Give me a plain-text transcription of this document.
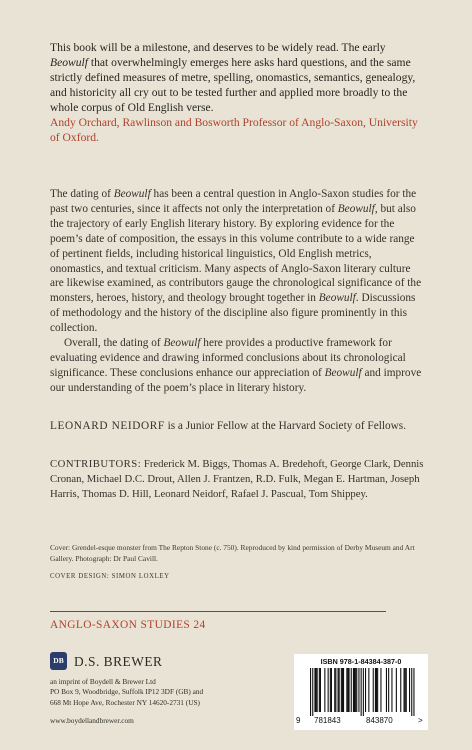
This book will be a milestone, and deserves to be widely read. The early Beowulf that overwhelmingly emerges here asks hard questions, and the same strictly defined measures of metre, spelling, onomastics, semantics, genealogy, and historicity all cry out to be tested further and applied more broadly to the whole corpus of Old English verse.

Andy Orchard, Rawlinson and Bosworth Professor of Anglo-Saxon, University of Oxford.

The dating of Beowulf has been a central question in Anglo-Saxon studies for the past two centuries, since it affects not only the interpretation of Beowulf, but also the trajectory of early English literary history. By exploring evidence for the poem’s date of composition, the essays in this volume contribute to a wide range of pertinent fields, including historical linguistics, Old English metrics, onomastics, and textual criticism. Many aspects of Anglo-Saxon literary culture are likewise examined, as contributors gauge the chronological significance of the monsters, heroes, history, and theology brought together in Beowulf. Discussions of methodology and the history of the discipline also figure prominently in this collection.

Overall, the dating of Beowulf here provides a productive framework for evaluating evidence and drawing informed conclusions about its chronological significance. These conclusions enhance our appreciation of Beowulf and improve our understanding of the poem’s place in literary history.

LEONARD NEIDORF is a Junior Fellow at the Harvard Society of Fellows.

CONTRIBUTORS: Frederick M. Biggs, Thomas A. Bredehoft, George Clark, Dennis Cronan, Michael D.C. Drout, Allen J. Frantzen, R.D. Fulk, Megan E. Hartman, Joseph Harris, Thomas D. Hill, Leonard Neidorf, Rafael J. Pascual, Tom Shippey.

Cover: Grendel-esque monster from The Repton Stone (c. 750). Reproduced by kind permission of Derby Museum and Art Gallery. Photograph: Dr Paul Cavill.
COVER DESIGN: SIMON LOXLEY
ANGLO-SAXON STUDIES 24
DB D.S. BREWER
an imprint of Boydell & Brewer Ltd
PO Box 9, Woodbridge, Suffolk IP12 3DF (GB) and
668 Mt Hope Ave, Rochester NY 14620-2731 (US)
www.boydellandbrewer.com
ISBN 978-1-84384-387-0
9 781843	843870	>
